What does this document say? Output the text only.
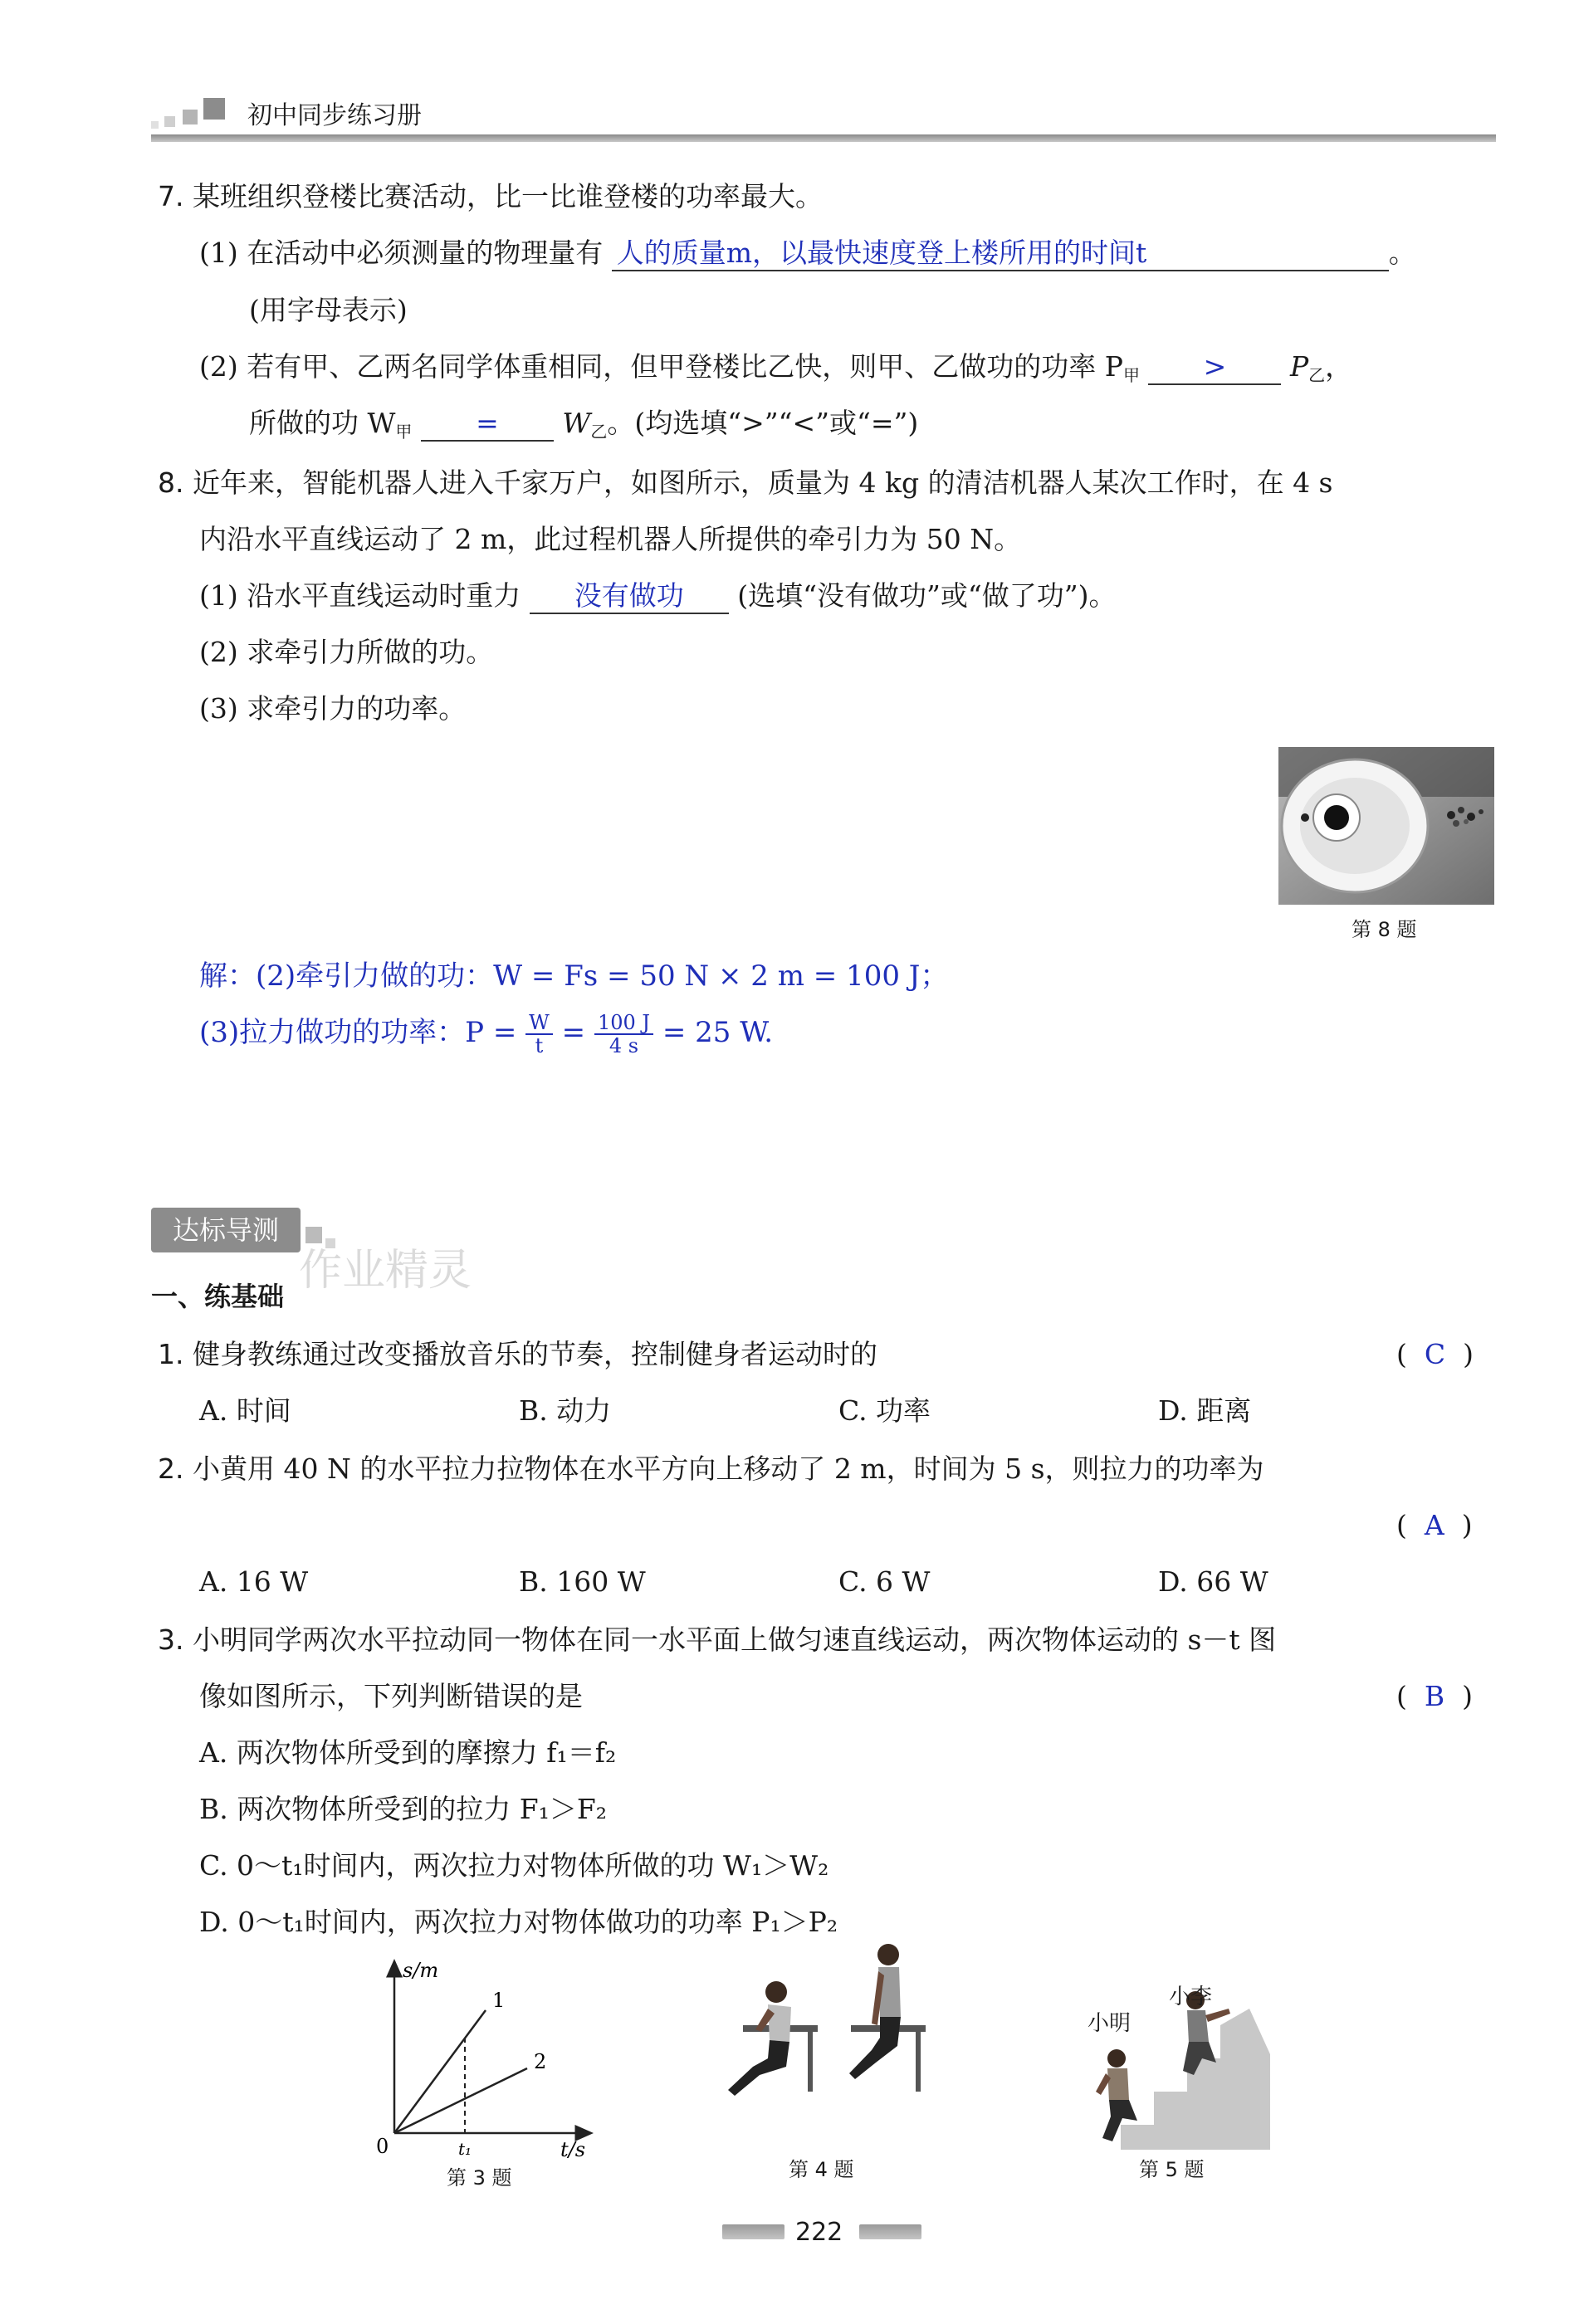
初中同步练习册
7. 某班组织登楼比赛活动，比一比谁登楼的功率最大。
(1) 在活动中必须测量的物理量有 人的质量m，以最快速度登上楼所用的时间t	。
(用字母表示)
(2) 若有甲、乙两名同学体重相同，但甲登楼比乙快，则甲、乙做功的功率 $P_甲 > P_乙$，
所做的功 $W_甲 = W_乙$。(均选填“>”“<”或“=”)
8. 近年来，智能机器人进入千家万户，如图所示，质量为 4 kg 的清洁机器人某次工作时，在 4 s
内沿水平直线运动了 2 m，此过程机器人所提供的牵引力为 50 N。
(1) 沿水平直线运动时重力 没有做功 (选填“没有做功”或“做了功”)。
(2) 求牵引力所做的功。
(3) 求牵引力的功率。
第 8 题
解：(2)牵引力做的功：W = Fs = 50 N × 2 m = 100 J；
(3)拉力做功的功率：$P = \frac{W}{t} = \frac{100 J}{4 s} = 25$ W.
达标导测
作业精灵
一、练基础
1. 健身教练通过改变播放音乐的节奏，控制健身者运动时的	( C )
A. 时间	B. 动力	C. 功率	D. 距离
2. 小黄用 40 N 的水平拉力拉物体在水平方向上移动了 2 m，时间为 5 s，则拉力的功率为
( A )
A. 16 W	B. 160 W	C. 6 W	D. 66 W
3. 小明同学两次水平拉动同一物体在同一水平面上做匀速直线运动，两次物体运动的 s－t 图
像如图所示，下列判断错误的是	( B )
A. 两次物体所受到的摩擦力 f₁＝f₂
B. 两次物体所受到的拉力 F₁＞F₂
C. 0～t₁时间内，两次拉力对物体所做的功 W₁＞W₂
D. 0～t₁时间内，两次拉力对物体做功的功率 P₁＞P₂
s/m
t/s
0	t₁
1
2
第 3 题	第 4 题
小李
小明
第 5 题
222
